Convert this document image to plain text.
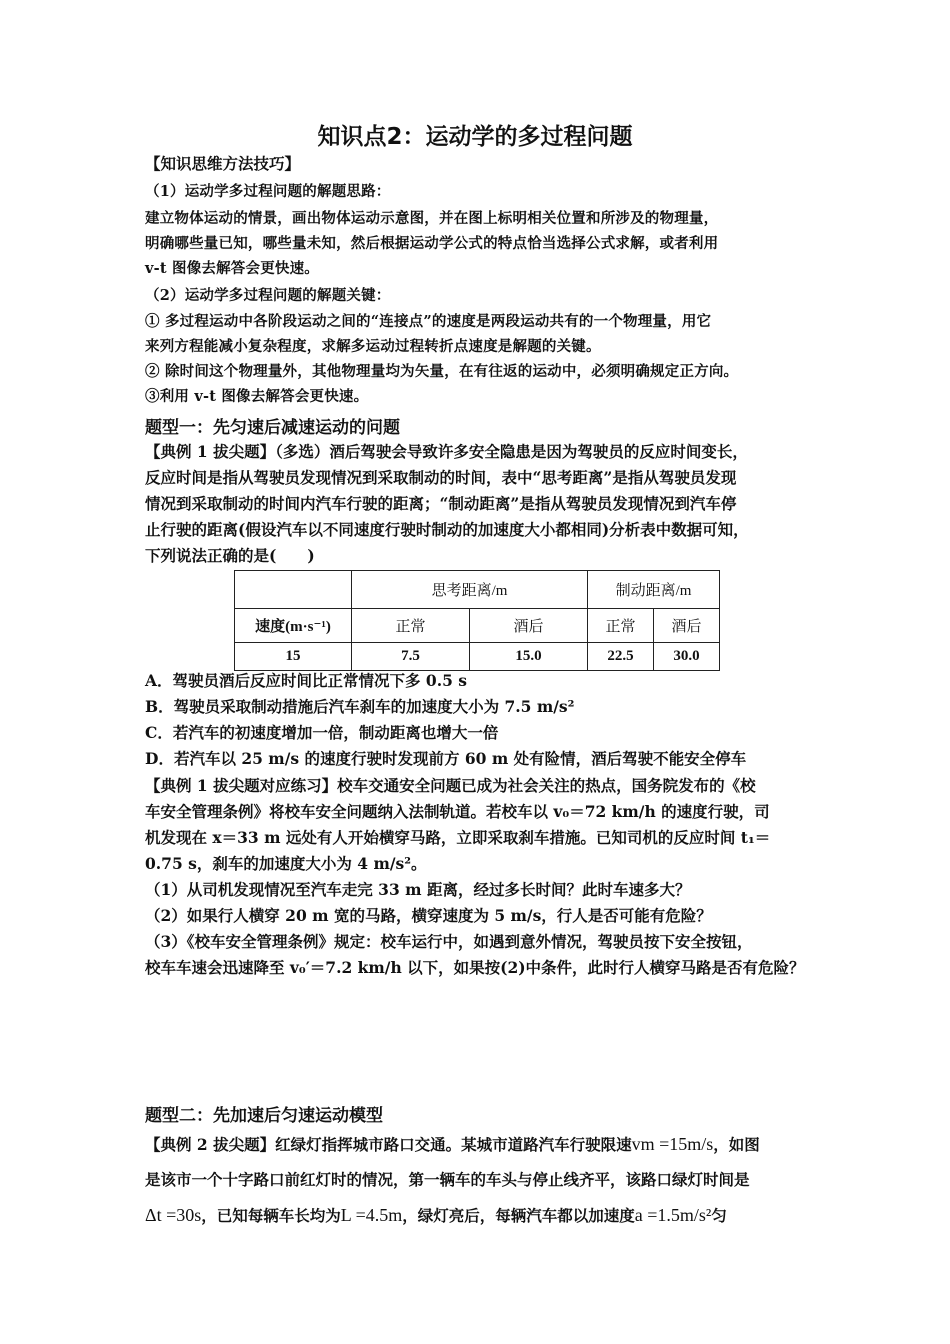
知识点2：运动学的多过程问题
【知识思维方法技巧】
（1）运动学多过程问题的解题思路：
建立物体运动的情景，画出物体运动示意图，并在图上标明相关位置和所涉及的物理量，
明确哪些量已知，哪些量未知，然后根据运动学公式的特点恰当选择公式求解，或者利用
v-t 图像去解答会更快速。
（2）运动学多过程问题的解题关键：
① 多过程运动中各阶段运动之间的“连接点”的速度是两段运动共有的一个物理量，用它
来列方程能减小复杂程度，求解多运动过程转折点速度是解题的关键。
② 除时间这个物理量外，其他物理量均为矢量，在有往返的运动中，必须明确规定正方向。
③利用 v-t 图像去解答会更快速。
题型一：先匀速后减速运动的问题
【典例 1 拔尖题】（多选）酒后驾驶会导致许多安全隐患是因为驾驶员的反应时间变长，
反应时间是指从驾驶员发现情况到采取制动的时间，表中“思考距离”是指从驾驶员发现
情况到采取制动的时间内汽车行驶的距离；“制动距离”是指从驾驶员发现情况到汽车停
止行驶的距离(假设汽车以不同速度行驶时制动的加速度大小都相同)分析表中数据可知，
下列说法正确的是(　　)
	思考距离/m		制动距离/m	
速度(m·s⁻¹)	正常	酒后	正常	酒后
15	7.5	15.0	22.5	30.0
A．驾驶员酒后反应时间比正常情况下多 0.5 s
B．驾驶员采取制动措施后汽车刹车的加速度大小为 7.5 m/s²
C．若汽车的初速度增加一倍，制动距离也增大一倍
D．若汽车以 25 m/s 的速度行驶时发现前方 60 m 处有险情，酒后驾驶不能安全停车
【典例 1 拔尖题对应练习】校车交通安全问题已成为社会关注的热点，国务院发布的《校
车安全管理条例》将校车安全问题纳入法制轨道。若校车以 v₀＝72 km/h 的速度行驶，司
机发现在 x＝33 m 远处有人开始横穿马路，立即采取刹车措施。已知司机的反应时间 t₁＝
0.75 s，刹车的加速度大小为 4 m/s²。
（1）从司机发现情况至汽车走完 33 m 距离，经过多长时间？此时车速多大？
（2）如果行人横穿 20 m 宽的马路，横穿速度为 5 m/s，行人是否可能有危险？
（3）《校车安全管理条例》规定：校车运行中，如遇到意外情况，驾驶员按下安全按钮，
校车车速会迅速降至 v₀′＝7.2 km/h 以下，如果按(2)中条件，此时行人横穿马路是否有危险？
题型二：先加速后匀速运动模型
【典例 2 拔尖题】红绿灯指挥城市路口交通。某城市道路汽车行驶限速vm =15m/s，如图
是该市一个十字路口前红灯时的情况，第一辆车的车头与停止线齐平，该路口绿灯时间是
Δt =30s，已知每辆车长均为L =4.5m，绿灯亮后，每辆汽车都以加速度a =1.5m/s²匀
